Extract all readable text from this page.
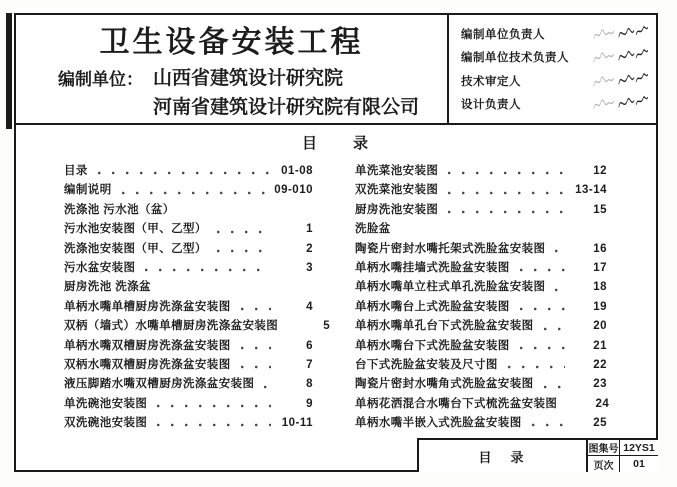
卫生设备安装工程
编制单位： 山西省建筑设计研究院
河南省建筑设计研究院有限公司
编制单位负责人
编制单位技术负责人
技术审定人
设计负责人
目　　录
目录	01-08
编制说明	09-010
洗涤池 污水池（盆）
污水池安装图（甲、乙型）	1
洗涤池安装图（甲、乙型）	2
污水盆安装图	3
厨房洗池 洗涤盆
单柄水嘴单槽厨房洗涤盆安装图	4
双柄（墙式）水嘴单槽厨房洗涤盆安装图	5
单柄水嘴双槽厨房洗涤盆安装图	6
双柄水嘴双槽厨房洗涤盆安装图	7
液压脚踏水嘴双槽厨房洗涤盆安装图	8
单洗碗池安装图	9
双洗碗池安装图	10-11
单洗菜池安装图	12
双洗菜池安装图	13-14
厨房洗池安装图	15
洗脸盆
陶瓷片密封水嘴托架式洗脸盆安装图	16
单柄水嘴挂墙式洗脸盆安装图	17
单柄水嘴单立柱式单孔洗脸盆安装图	18
单柄水嘴台上式洗脸盆安装图	19
单柄水嘴单孔台下式洗脸盆安装图	20
单柄水嘴台下式洗脸盆安装图	21
台下式洗脸盆安装及尺寸图	22
陶瓷片密封水嘴角式洗脸盆安装图	23
单柄花洒混合水嘴台下式梳洗盆安装图	24
单柄水嘴半嵌入式洗脸盆安装图	25
目　录	图集号 12YS1
页次	01
